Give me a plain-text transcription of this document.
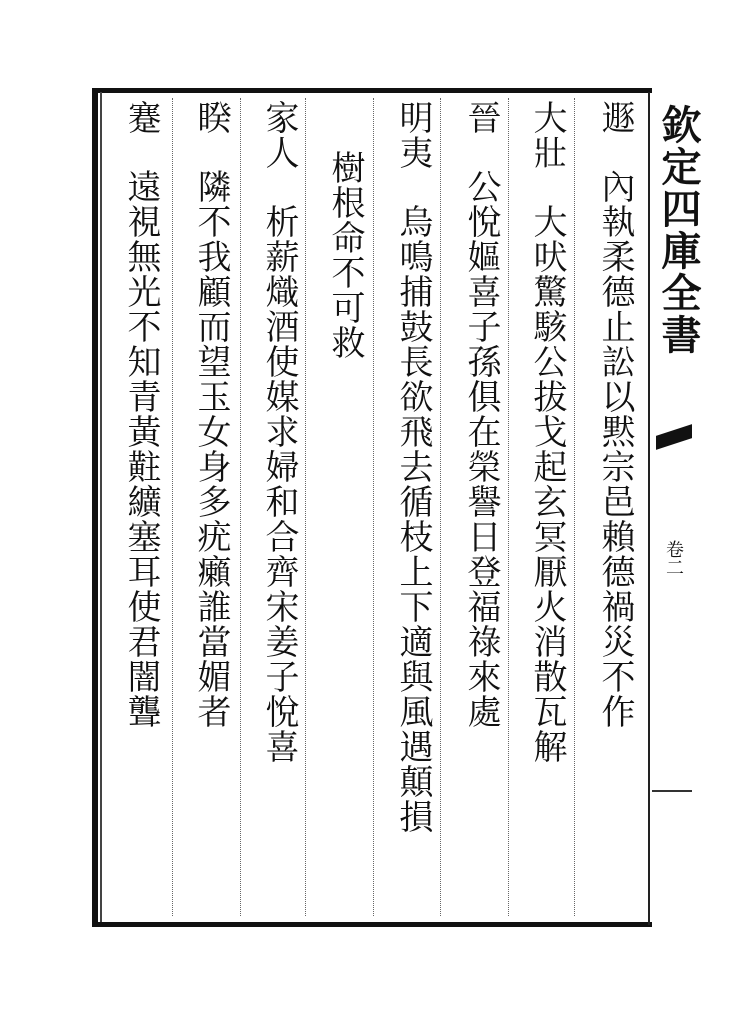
遯內執柔德止訟以黙宗邑賴德禍災不作
大壯大吠驚駭公拔戈起玄冥厭火消散瓦解
晉公悅嫗喜子孫俱在榮譽日登福祿來處
明夷烏鳴捕鼓長欲飛去循枝上下適與風遇顛損
樹根命不可救
家人析薪熾酒使媒求婦和合齊宋姜子悅喜
睽隣不我顧而望玉女身多疣癩誰當媚者
蹇遠視無光不知青黃黈纊塞耳使君闇聾	欽定四庫全書
卷二
